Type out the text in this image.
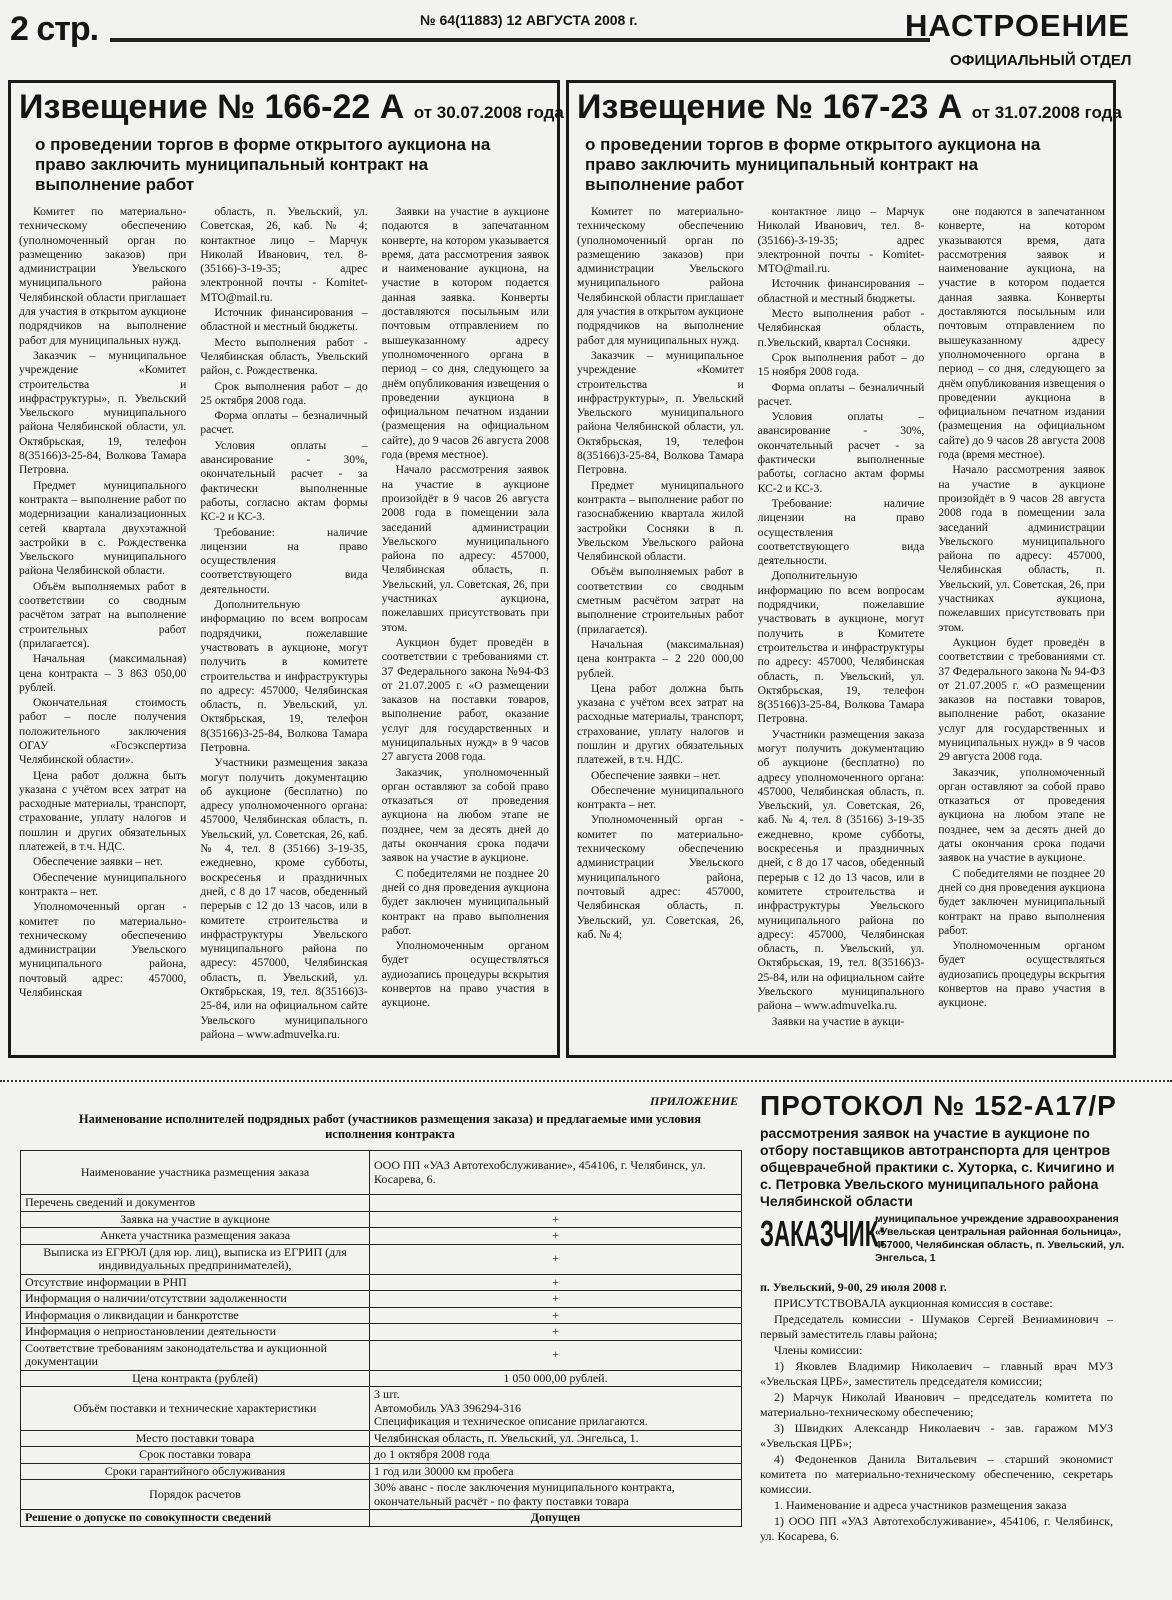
2 стр.	№ 64(11883) 12 АВГУСТА 2008 г.	НАСТРОЕНИЕ
ОФИЦИАЛЬНЫЙ ОТДЕЛ
Извещение № 166-22 А от 30.07.2008 года
о проведении торгов в форме открытого аукциона на право заключить муниципальный контракт на выполнение работ

Комитет по материально-техническому обеспечению (уполномоченный орган по размещению заказов) при администрации Увельского муниципального района Челябинской области приглашает для участия в открытом аукционе подрядчиков на выполнение работ для муниципальных нужд.

Заказчик – муниципальное учреждение «Комитет строительства и инфраструктуры», п. Увельский Увельского муниципального района Челябинской области, ул. Октябрьская, 19, телефон 8(35166)3-25-84, Волкова Тамара Петровна.

Предмет муниципального контракта – выполнение работ по модернизации канализационных сетей квартала двухэтажной застройки в с. Рождественка Увельского муниципального района Челябинской области.

Объём выполняемых работ в соответствии со сводным расчётом затрат на выполнение строительных работ (прилагается).

Начальная (максимальная) цена контракта – 3 863 050,00 рублей.

Окончательная стоимость работ – после получения положительного заключения ОГАУ «Госэкспертиза Челябинской области».

Цена работ должна быть указана с учётом всех затрат на расходные материалы, транспорт, страхование, уплату налогов и пошлин и других обязательных платежей, в т.ч. НДС.

Обеспечение заявки – нет.

Обеспечение муниципального контракта – нет.

Уполномоченный орган - комитет по материально-техническому обеспечению администрации Увельского муниципального района, почтовый адрес: 457000, Челябинская

область, п. Увельский, ул. Советская, 26, каб. № 4; контактное лицо – Марчук Николай Иванович, тел. 8-(35166)-3-19-35; адрес электронной почты - Komitet-MTO@mail.ru.

Источник финансирования – областной и местный бюджеты.

Место выполнения работ - Челябинская область, Увельский район, с. Рождественка.

Срок выполнения работ – до 25 октября 2008 года.

Форма оплаты – безналичный расчет.

Условия оплаты – авансирование - 30%, окончательный расчет - за фактически выполненные работы, согласно актам формы КС-2 и КС-3.

Требование: наличие лицензии на право осуществления соответствующего вида деятельности.

Дополнительную информацию по всем вопросам подрядчики, пожелавшие участвовать в аукционе, могут получить в комитете строительства и инфраструктуры по адресу: 457000, Челябинская область, п. Увельский, ул. Октябрьская, 19, телефон 8(35166)3-25-84, Волкова Тамара Петровна.

Участники размещения заказа могут получить документацию об аукционе (бесплатно) по адресу уполномоченного органа: 457000, Челябинская область, п. Увельский, ул. Советская, 26, каб. № 4, тел. 8 (35166) 3-19-35, ежедневно, кроме субботы, воскресенья и праздничных дней, с 8 до 17 часов, обеденный перерыв с 12 до 13 часов, или в комитете строительства и инфраструктуры Увельского муниципального района по адресу: 457000, Челябинская область, п. Увельский, ул. Октябрьская, 19, тел. 8(35166)3-25-84, или на официальном сайте Увельского муниципального района – www.admuvelka.ru.

Заявки на участие в аукционе подаются в запечатанном конверте, на котором указывается время, дата рассмотрения заявок и наименование аукциона, на участие в котором подается данная заявка. Конверты доставляются посыльным или почтовым отправлением по вышеуказанному адресу уполномоченного органа в период – со дня, следующего за днём опубликования извещения о проведении аукциона в официальном печатном издании (размещения на официальном сайте), до 9 часов 26 августа 2008 года (время местное).

Начало рассмотрения заявок на участие в аукционе произойдёт в 9 часов 26 августа 2008 года в помещении зала заседаний администрации Увельского муниципального района по адресу: 457000, Челябинская область, п. Увельский, ул. Советская, 26, при участниках аукциона, пожелавших присутствовать при этом.

Аукцион будет проведён в соответствии с требованиями ст. 37 Федерального закона №94-ФЗ от 21.07.2005 г. «О размещении заказов на поставки товаров, выполнение работ, оказание услуг для государственных и муниципальных нужд» в 9 часов 27 августа 2008 года.

Заказчик, уполномоченный орган оставляют за собой право отказаться от проведения аукциона на любом этапе не позднее, чем за десять дней до даты окончания срока подачи заявок на участие в аукционе.

С победителями не позднее 20 дней со дня проведения аукциона будет заключен муниципальный контракт на право выполнения работ.

Уполномоченным органом будет осуществляться аудиозапись процедуры вскрытия конвертов на право участия в аукционе.

Извещение № 167-23 А от 31.07.2008 года
о проведении торгов в форме открытого аукциона на право заключить муниципальный контракт на выполнение работ

Комитет по материально-техническому обеспечению (уполномоченный орган по размещению заказов) при администрации Увельского муниципального района Челябинской области приглашает для участия в открытом аукционе подрядчиков на выполнение работ для муниципальных нужд.

Заказчик – муниципальное учреждение «Комитет строительства и инфраструктуры», п. Увельский Увельского муниципального района Челябинской области, ул. Октябрьская, 19, телефон 8(35166)3-25-84, Волкова Тамара Петровна.

Предмет муниципального контракта – выполнение работ по газоснабжению квартала жилой застройки Сосняки в п. Увельском Увельского района Челябинской области.

Объём выполняемых работ в соответствии со сводным сметным расчётом затрат на выполнение строительных работ (прилагается).

Начальная (максимальная) цена контракта – 2 220 000,00 рублей.

Цена работ должна быть указана с учётом всех затрат на расходные материалы, транспорт, страхование, уплату налогов и пошлин и других обязательных платежей, в т.ч. НДС.

Обеспечение заявки – нет.

Обеспечение муниципального контракта – нет.

Уполномоченный орган - комитет по материально-техническому обеспечению администрации Увельского муниципального района, почтовый адрес: 457000, Челябинская область, п. Увельский, ул. Советская, 26, каб. № 4;

контактное лицо – Марчук Николай Иванович, тел. 8-(35166)-3-19-35; адрес электронной почты - Komitet-MTO@mail.ru.

Источник финансирования – областной и местный бюджеты.

Место выполнения работ - Челябинская область, п.Увельский, квартал Сосняки.

Срок выполнения работ – до 15 ноября 2008 года.

Форма оплаты – безналичный расчет.

Условия оплаты – авансирование - 30%, окончательный расчет - за фактически выполненные работы, согласно актам формы КС-2 и КС-3.

Требование: наличие лицензии на право осуществления соответствующего вида деятельности.

Дополнительную информацию по всем вопросам подрядчики, пожелавшие участвовать в аукционе, могут получить в Комитете строительства и инфраструктуры по адресу: 457000, Челябинская область, п. Увельский, ул. Октябрьская, 19, телефон 8(35166)3-25-84, Волкова Тамара Петровна.

Участники размещения заказа могут получить документацию об аукционе (бесплатно) по адресу уполномоченного органа: 457000, Челябинская область, п. Увельский, ул. Советская, 26, каб. № 4, тел. 8 (35166) 3-19-35 ежедневно, кроме субботы, воскресенья и праздничных дней, с 8 до 17 часов, обеденный перерыв с 12 до 13 часов, или в комитете строительства и инфраструктуры Увельского муниципального района по адресу: 457000, Челябинская область, п. Увельский, ул. Октябрьская, 19, тел. 8(35166)3-25-84, или на официальном сайте Увельского муниципального района – www.admuvelka.ru.

Заявки на участие в аукци-

оне подаются в запечатанном конверте, на котором указываются время, дата рассмотрения заявок и наименование аукциона, на участие в котором подается данная заявка. Конверты доставляются посыльным или почтовым отправлением по вышеуказанному адресу уполномоченного органа в период – со дня, следующего за днём опубликования извещения о проведении аукциона в официальном печатном издании (размещения на официальном сайте) до 9 часов 28 августа 2008 года (время местное).

Начало рассмотрения заявок на участие в аукционе произойдёт в 9 часов 28 августа 2008 года в помещении зала заседаний администрации Увельского муниципального района по адресу: 457000, Челябинская область, п. Увельский, ул. Советская, 26, при участниках аукциона, пожелавших присутствовать при этом.

Аукцион будет проведён в соответствии с требованиями ст. 37 Федерального закона № 94-ФЗ от 21.07.2005 г. «О размещении заказов на поставки товаров, выполнение работ, оказание услуг для государственных и муниципальных нужд» в 9 часов 29 августа 2008 года.

Заказчик, уполномоченный орган оставляют за собой право отказаться от проведения аукциона на любом этапе не позднее, чем за десять дней до даты окончания срока подачи заявок на участие в аукционе.

С победителями не позднее 20 дней со дня проведения аукциона будет заключен муниципальный контракт на право выполнения работ.

Уполномоченным органом будет осуществляться аудиозапись процедуры вскрытия конвертов на право участия в аукционе.

ПРИЛОЖЕНИЕ
Наименование исполнителей подрядных работ (участников размещения заказа) и предлагаемые ими условия исполнения контракта
Наименование участника размещения заказа	ООО ПП «УАЗ Автотехобслуживание», 454106, г. Челябинск, ул. Косарева, 6.
Перечень сведений и документов	
Заявка на участие в аукционе	+
Анкета участника размещения заказа	+
Выписка из ЕГРЮЛ (для юр. лиц), выписка из ЕГРИП (для индивидуальных предпринимателей),	+
Отсутствие информации в РНП	+
Информация о наличии/отсутствии задолженности	+
Информация о ликвидации и банкротстве	+
Информация о неприостановлении деятельности	+
Соответствие требованиям законодательства и аукционной документации	+
Цена контракта (рублей)	1 050 000,00 рублей.
Объём поставки и технические характеристики	3 шт.
Автомобиль УАЗ 396294-316
Спецификация и техническое описание прилагаются.
Место поставки товара	Челябинская область, п. Увельский, ул. Энгельса, 1.
Срок поставки товара	до 1 октября 2008 года
Сроки гарантийного обслуживания	1 год или 30000 км пробега
Порядок расчетов	30% аванс - после заключения муниципального контракта, окончательный расчёт - по факту поставки товара
Решение о допуске по совокупности сведений	Допущен
ПРОТОКОЛ № 152-А17/Р
рассмотрения заявок на участие в аукционе по отбору поставщиков автотранспорта для центров общеврачебной практики с. Хуторка, с. Кичигино и с. Петровка Увельского муниципального района Челябинской области
ЗАКАЗЧИК:
муниципальное учреждение здравоохранения «Увельская центральная районная больница», 457000, Челябинская область, п. Увельский, ул. Энгельса, 1
п. Увельский, 9-00, 29 июля 2008 г.

ПРИСУТСТВОВАЛА аукционная комиссия в составе:

Председатель комиссии - Шумаков Сергей Вениаминович – первый заместитель главы района;

Члены комиссии:

1) Яковлев Владимир Николаевич – главный врач МУЗ «Увельская ЦРБ», заместитель председателя комиссии;

2) Марчук Николай Иванович – председатель комитета по материально-техническому обеспечению;

3) Швидких Александр Николаевич - зав. гаражом МУЗ «Увельская ЦРБ»;

4) Федоненков Данила Витальевич – старший экономист комитета по материально-техническому обеспечению, секретарь комиссии.

1. Наименование и адреса участников размещения заказа

1) ООО ПП «УАЗ Автотехобслуживание», 454106, г. Челябинск, ул. Косарева, 6.
